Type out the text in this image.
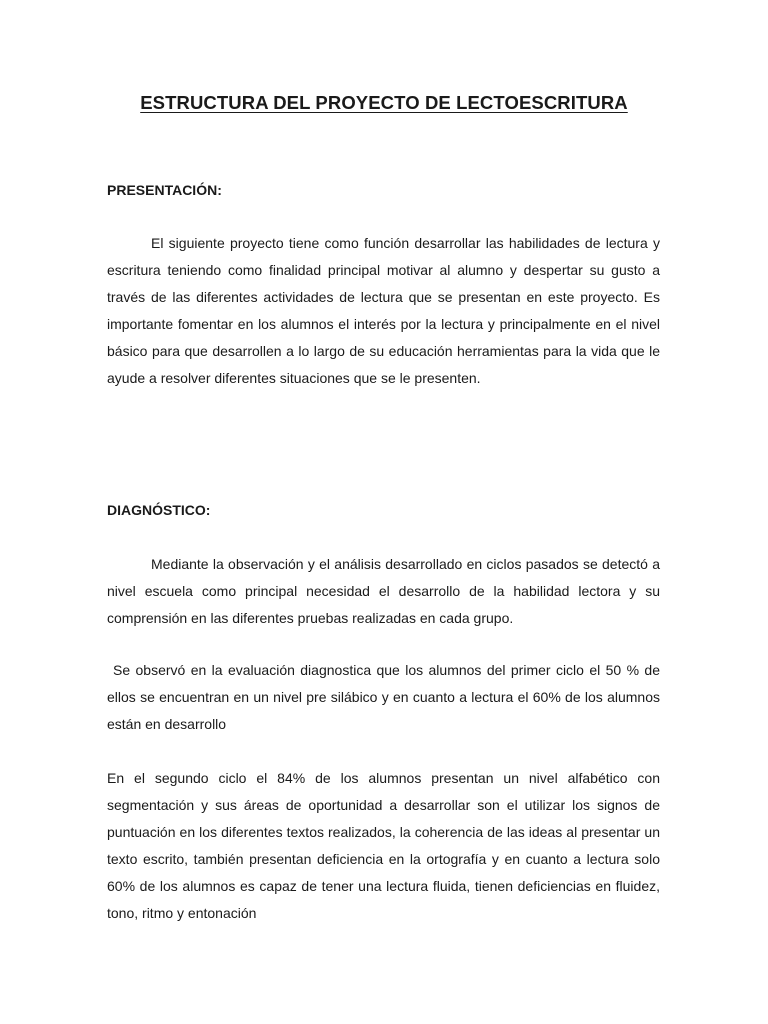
ESTRUCTURA DEL PROYECTO DE LECTOESCRITURA
PRESENTACIÓN:

El siguiente proyecto tiene como función desarrollar las habilidades de lectura y escritura teniendo como finalidad principal motivar al alumno y despertar su gusto a través de las diferentes actividades de lectura que se presentan en este proyecto. Es importante fomentar en los alumnos el interés por la lectura y principalmente en el nivel básico para que desarrollen a lo largo de su educación herramientas para la vida que le ayude a resolver diferentes situaciones que se le presenten.

DIAGNÓSTICO:

Mediante la observación y el análisis desarrollado en ciclos pasados se detectó a nivel escuela como principal necesidad el desarrollo de la habilidad lectora y su comprensión en las diferentes pruebas realizadas en cada grupo.

Se observó en la evaluación diagnostica que los alumnos del primer ciclo el 50 % de ellos se encuentran en un nivel pre silábico y en cuanto a lectura el 60% de los alumnos están en desarrollo

En el segundo ciclo el 84% de los alumnos presentan un nivel alfabético con segmentación y sus áreas de oportunidad a desarrollar son el utilizar los signos de puntuación en los diferentes textos realizados, la coherencia de las ideas al presentar un texto escrito, también presentan deficiencia en la ortografía y en cuanto a lectura solo 60% de los alumnos es capaz de tener una lectura fluida, tienen deficiencias en fluidez, tono, ritmo y entonación
